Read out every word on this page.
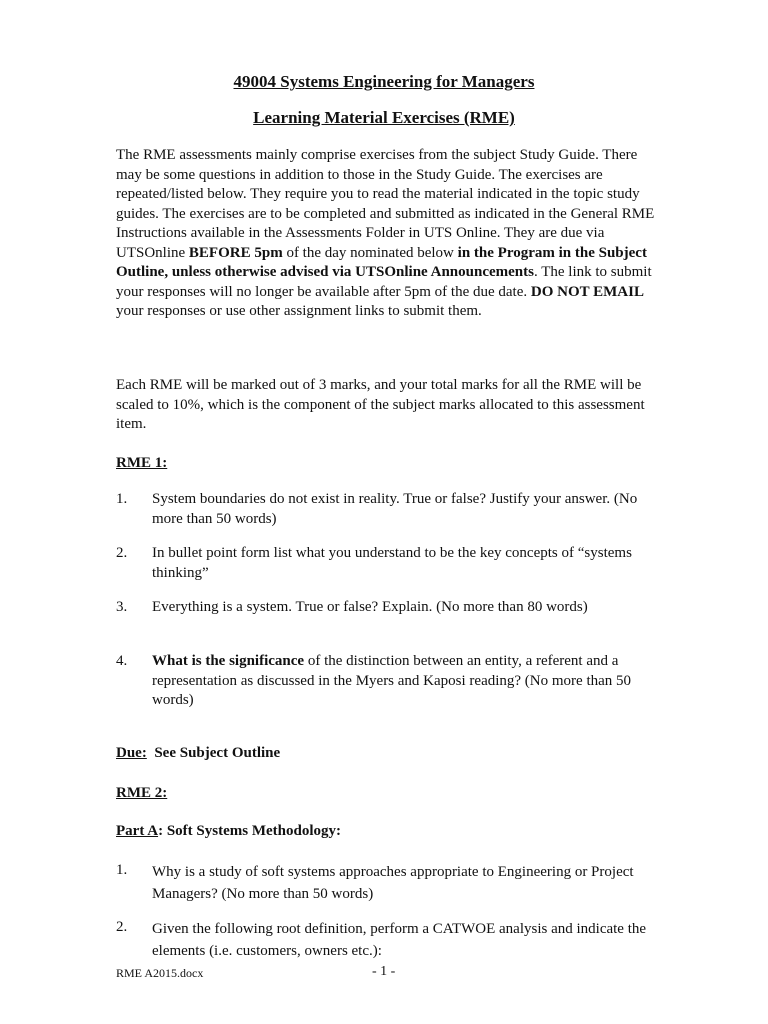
49004 Systems Engineering for Managers
Learning Material Exercises (RME)
The RME assessments mainly comprise exercises from the subject Study Guide. There may be some questions in addition to those in the Study Guide. The exercises are repeated/listed below. They require you to read the material indicated in the topic study guides. The exercises are to be completed and submitted as indicated in the General RME Instructions available in the Assessments Folder in UTS Online. They are due via UTSOnline BEFORE 5pm of the day nominated below in the Program in the Subject Outline, unless otherwise advised via UTSOnline Announcements. The link to submit your responses will no longer be available after 5pm of the due date. DO NOT EMAIL your responses or use other assignment links to submit them.
Each RME will be marked out of 3 marks, and your total marks for all the RME will be scaled to 10%, which is the component of the subject marks allocated to this assessment item.
RME 1:
1. System boundaries do not exist in reality. True or false? Justify your answer. (No more than 50 words)
2. In bullet point form list what you understand to be the key concepts of “systems thinking”
3. Everything is a system. True or false? Explain. (No more than 80 words)
4. What is the significance of the distinction between an entity, a referent and a representation as discussed in the Myers and Kaposi reading? (No more than 50 words)
Due:  See Subject Outline
RME 2:
Part A: Soft Systems Methodology:
1. Why is a study of soft systems approaches appropriate to Engineering or Project Managers? (No more than 50 words)
2. Given the following root definition, perform a CATWOE analysis and indicate the elements (i.e. customers, owners etc.):
RME A2015.docx	- 1 -
